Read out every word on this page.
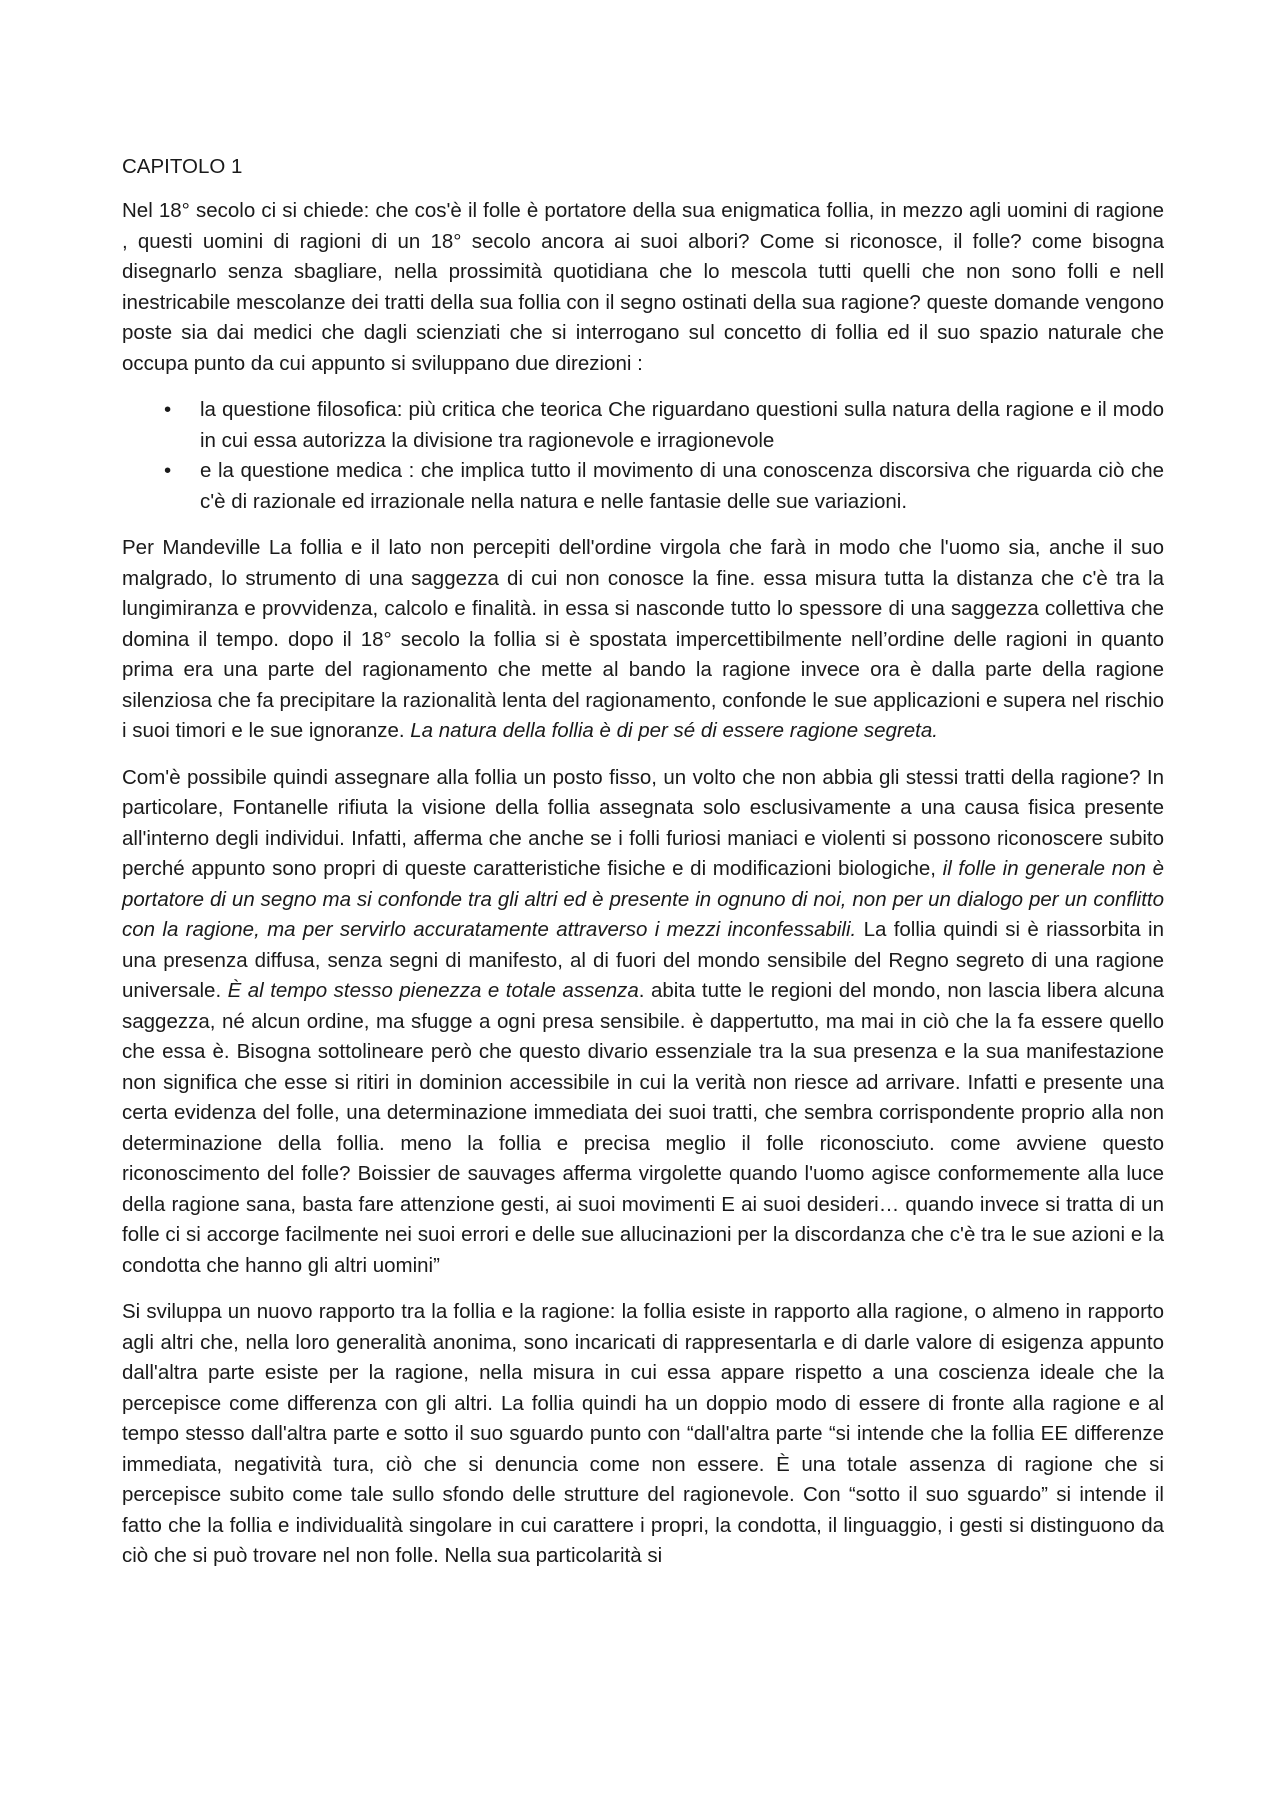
CAPITOLO 1

Nel 18° secolo ci si chiede: che cos'è il folle è portatore della sua enigmatica follia, in mezzo agli uomini di ragione , questi uomini di ragioni di un 18° secolo ancora ai suoi albori? Come si riconosce, il folle? come bisogna disegnarlo senza sbagliare, nella prossimità quotidiana che lo mescola tutti quelli che non sono folli e nell inestricabile mescolanze dei tratti della sua follia con il segno ostinati della sua ragione? queste domande vengono poste sia dai medici che dagli scienziati che si interrogano sul concetto di follia ed il suo spazio naturale che occupa punto da cui appunto si sviluppano due direzioni :

• la questione filosofica: più critica che teorica Che riguardano questioni sulla natura della ragione e il modo in cui essa autorizza la divisione tra ragionevole e irragionevole
• e la questione medica : che implica tutto il movimento di una conoscenza discorsiva che riguarda ciò che c'è di razionale ed irrazionale nella natura e nelle fantasie delle sue variazioni.

Per Mandeville La follia e il lato non percepiti dell'ordine virgola che farà in modo che l'uomo sia, anche il suo malgrado, lo strumento di una saggezza di cui non conosce la fine. essa misura tutta la distanza che c'è tra la lungimiranza e provvidenza, calcolo e finalità. in essa si nasconde tutto lo spessore di una saggezza collettiva che domina il tempo. dopo il 18° secolo la follia si è spostata impercettibilmente nell’ordine delle ragioni in quanto prima era una parte del ragionamento che mette al bando la ragione invece ora è dalla parte della ragione silenziosa che fa precipitare la razionalità lenta del ragionamento, confonde le sue applicazioni e supera nel rischio i suoi timori e le sue ignoranze. La natura della follia è di per sé di essere ragione segreta.

Com'è possibile quindi assegnare alla follia un posto fisso, un volto che non abbia gli stessi tratti della ragione? In particolare, Fontanelle rifiuta la visione della follia assegnata solo esclusivamente a una causa fisica presente all'interno degli individui. Infatti, afferma che anche se i folli furiosi maniaci e violenti si possono riconoscere subito perché appunto sono propri di queste caratteristiche fisiche e di modificazioni biologiche, il folle in generale non è portatore di un segno ma si confonde tra gli altri ed è presente in ognuno di noi, non per un dialogo per un conflitto con la ragione, ma per servirlo accuratamente attraverso i mezzi inconfessabili. La follia quindi si è riassorbita in una presenza diffusa, senza segni di manifesto, al di fuori del mondo sensibile del Regno segreto di una ragione universale. È al tempo stesso pienezza e totale assenza. abita tutte le regioni del mondo, non lascia libera alcuna saggezza, né alcun ordine, ma sfugge a ogni presa sensibile. è dappertutto, ma mai in ciò che la fa essere quello che essa è. Bisogna sottolineare però che questo divario essenziale tra la sua presenza e la sua manifestazione non significa che esse si ritiri in dominion accessibile in cui la verità non riesce ad arrivare. Infatti e presente una certa evidenza del folle, una determinazione immediata dei suoi tratti, che sembra corrispondente proprio alla non determinazione della follia. meno la follia e precisa meglio il folle riconosciuto. come avviene questo riconoscimento del folle? Boissier de sauvages afferma virgolette quando l'uomo agisce conformemente alla luce della ragione sana, basta fare attenzione gesti, ai suoi movimenti E ai suoi desideri… quando invece si tratta di un folle ci si accorge facilmente nei suoi errori e delle sue allucinazioni per la discordanza che c'è tra le sue azioni e la condotta che hanno gli altri uomini”

Si sviluppa un nuovo rapporto tra la follia e la ragione: la follia esiste in rapporto alla ragione, o almeno in rapporto agli altri che, nella loro generalità anonima, sono incaricati di rappresentarla e di darle valore di esigenza appunto dall'altra parte esiste per la ragione, nella misura in cui essa appare rispetto a una coscienza ideale che la percepisce come differenza con gli altri. La follia quindi ha un doppio modo di essere di fronte alla ragione e al tempo stesso dall'altra parte e sotto il suo sguardo punto con “dall'altra parte “si intende che la follia EE differenze immediata, negatività tura, ciò che si denuncia come non essere. È una totale assenza di ragione che si percepisce subito come tale sullo sfondo delle strutture del ragionevole. Con “sotto il suo sguardo” si intende il fatto che la follia e individualità singolare in cui carattere i propri, la condotta, il linguaggio, i gesti si distinguono da ciò che si può trovare nel non folle. Nella sua particolarità si
